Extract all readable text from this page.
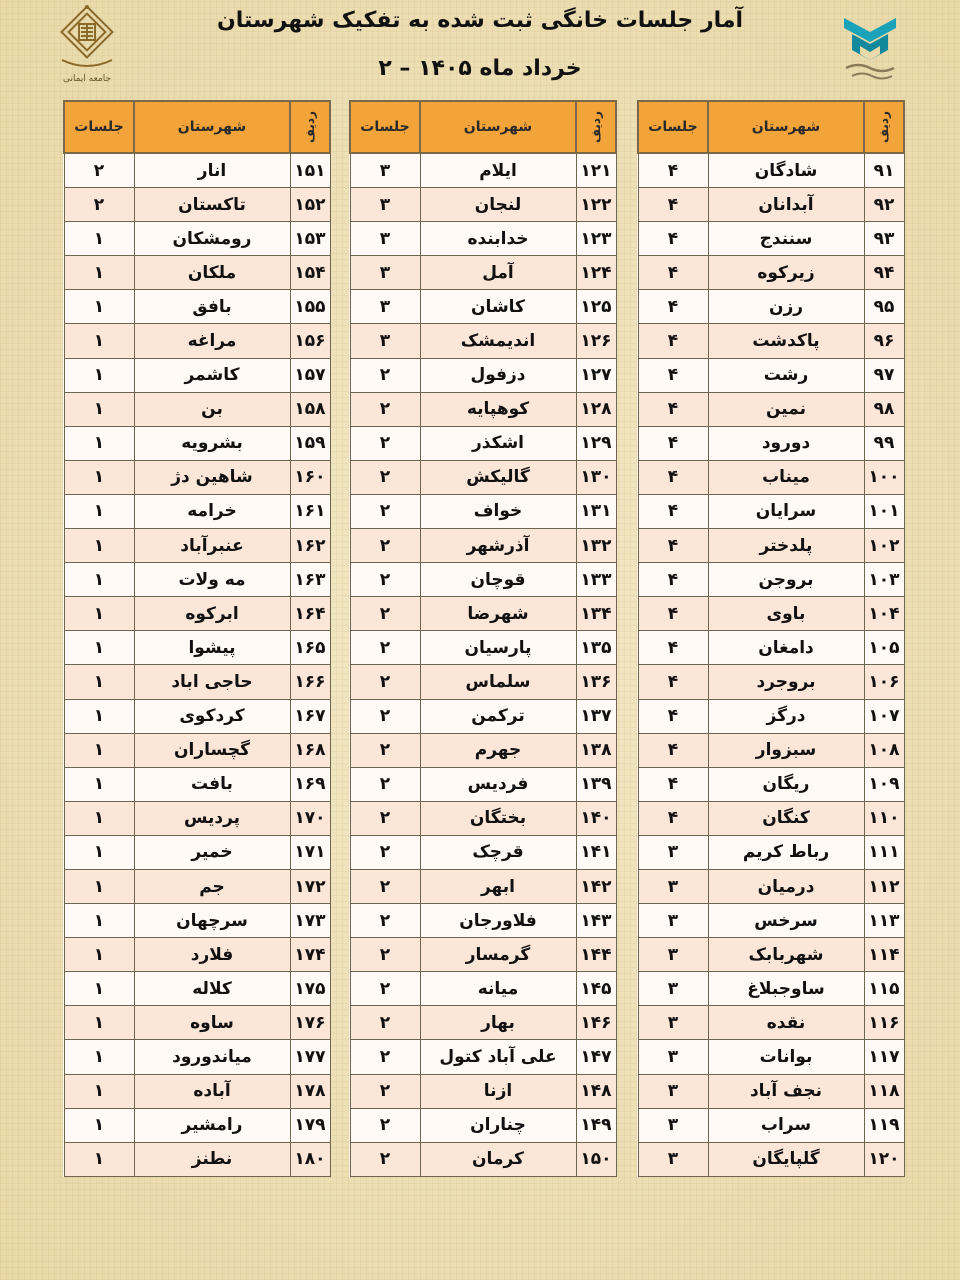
جامعه ایمانی
آمار جلسات خانگی ثبت شده به تفکیک شهرستان
خرداد ماه ۱۴۰۵ – ۲
ردیف	شهرستان	جلسات
۹۱	شادگان	۴
۹۲	آبدانان	۴
۹۳	سنندج	۴
۹۴	زیرکوه	۴
۹۵	رزن	۴
۹۶	پاکدشت	۴
۹۷	رشت	۴
۹۸	نمین	۴
۹۹	دورود	۴
۱۰۰	میناب	۴
۱۰۱	سرایان	۴
۱۰۲	پلدختر	۴
۱۰۳	بروجن	۴
۱۰۴	باوی	۴
۱۰۵	دامغان	۴
۱۰۶	بروجرد	۴
۱۰۷	درگز	۴
۱۰۸	سبزوار	۴
۱۰۹	ریگان	۴
۱۱۰	کنگان	۴
۱۱۱	رباط کریم	۳
۱۱۲	درمیان	۳
۱۱۳	سرخس	۳
۱۱۴	شهربابک	۳
۱۱۵	ساوجبلاغ	۳
۱۱۶	نقده	۳
۱۱۷	بوانات	۳
۱۱۸	نجف آباد	۳
۱۱۹	سراب	۳
۱۲۰	گلپایگان	۳
ردیف	شهرستان	جلسات
۱۲۱	ایلام	۳
۱۲۲	لنجان	۳
۱۲۳	خدابنده	۳
۱۲۴	آمل	۳
۱۲۵	کاشان	۳
۱۲۶	اندیمشک	۳
۱۲۷	دزفول	۲
۱۲۸	کوهپایه	۲
۱۲۹	اشکذر	۲
۱۳۰	گالیکش	۲
۱۳۱	خواف	۲
۱۳۲	آذرشهر	۲
۱۳۳	قوچان	۲
۱۳۴	شهرضا	۲
۱۳۵	پارسیان	۲
۱۳۶	سلماس	۲
۱۳۷	ترکمن	۲
۱۳۸	جهرم	۲
۱۳۹	فردیس	۲
۱۴۰	بختگان	۲
۱۴۱	قرچک	۲
۱۴۲	ابهر	۲
۱۴۳	فلاورجان	۲
۱۴۴	گرمسار	۲
۱۴۵	میانه	۲
۱۴۶	بهار	۲
۱۴۷	علی آباد کتول	۲
۱۴۸	ازنا	۲
۱۴۹	چناران	۲
۱۵۰	کرمان	۲
ردیف	شهرستان	جلسات
۱۵۱	انار	۲
۱۵۲	تاکستان	۲
۱۵۳	رومشکان	۱
۱۵۴	ملکان	۱
۱۵۵	بافق	۱
۱۵۶	مراغه	۱
۱۵۷	کاشمر	۱
۱۵۸	بن	۱
۱۵۹	بشرویه	۱
۱۶۰	شاهین دژ	۱
۱۶۱	خرامه	۱
۱۶۲	عنبرآباد	۱
۱۶۳	مه ولات	۱
۱۶۴	ابرکوه	۱
۱۶۵	پیشوا	۱
۱۶۶	حاجی اباد	۱
۱۶۷	کردکوی	۱
۱۶۸	گچساران	۱
۱۶۹	بافت	۱
۱۷۰	پردیس	۱
۱۷۱	خمیر	۱
۱۷۲	جم	۱
۱۷۳	سرچهان	۱
۱۷۴	فلارد	۱
۱۷۵	کلاله	۱
۱۷۶	ساوه	۱
۱۷۷	میاندورود	۱
۱۷۸	آباده	۱
۱۷۹	رامشیر	۱
۱۸۰	نطنز	۱
